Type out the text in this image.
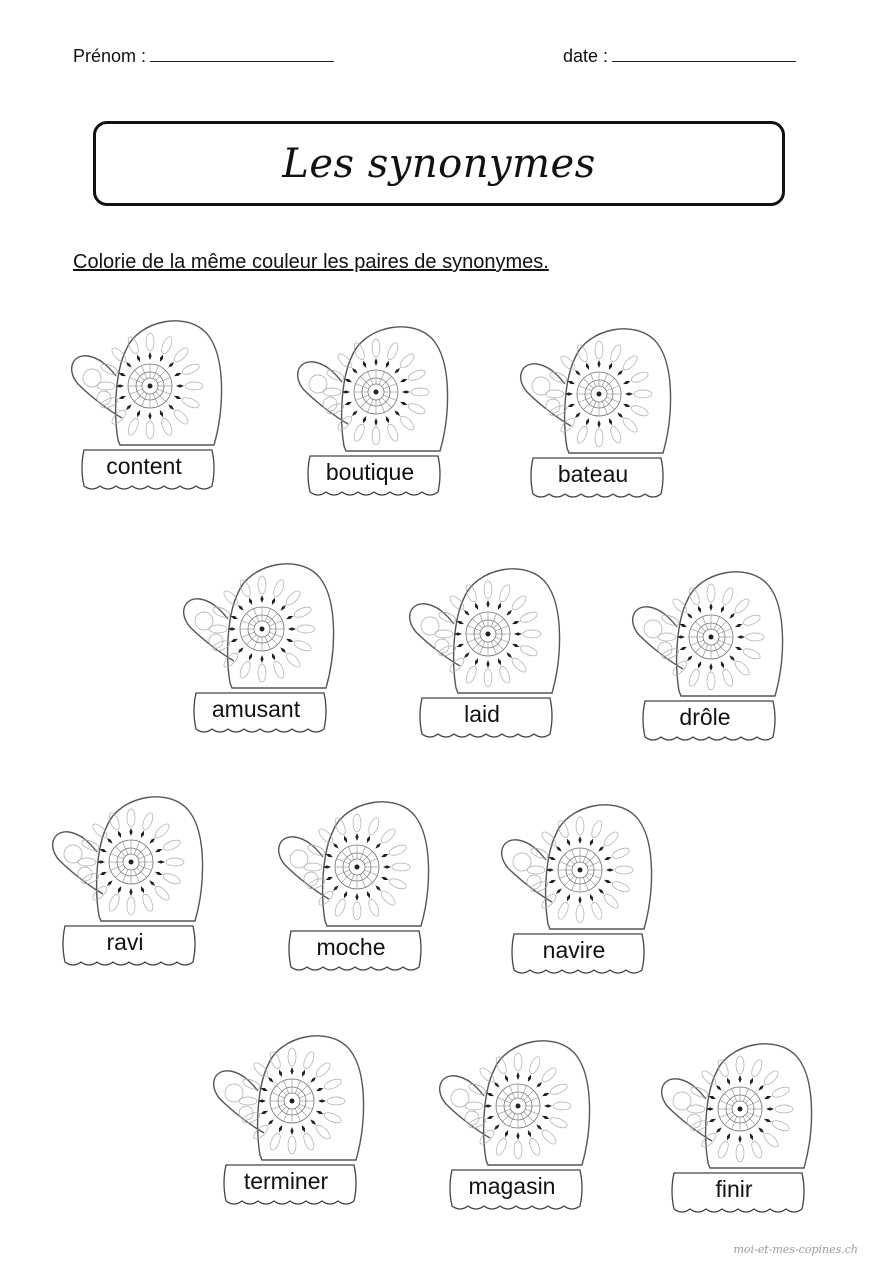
Prénom :	date :
Les synonymes
Colorie de la même couleur les paires de synonymes.
content	boutique	bateau
amusant	laid	drôle
ravi	moche	navire
terminer	magasin	finir
moi-et-mes-copines.ch
